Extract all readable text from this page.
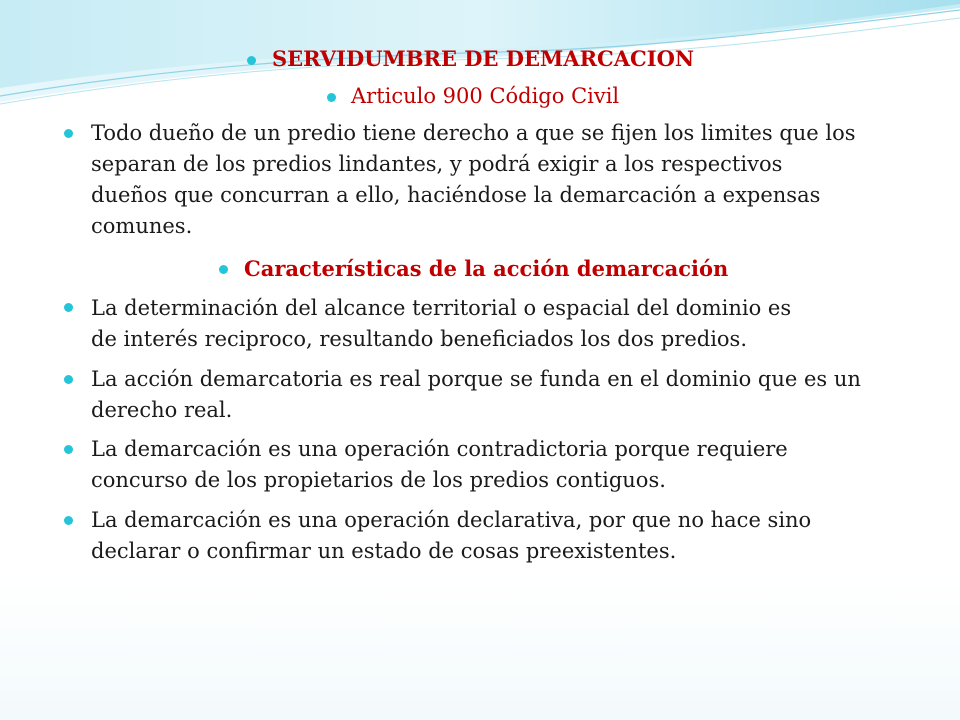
SERVIDUMBRE DE DEMARCACION
Articulo 900 Código Civil
Todo dueño de un predio tiene derecho a que se fijen los limites que los
separan de los predios lindantes, y podrá exigir a los respectivos
dueños que concurran a ello, haciéndose la demarcación a expensas
comunes.
Características de la acción demarcación
La determinación del alcance territorial o espacial del dominio es
de interés reciproco, resultando beneficiados los dos predios.
La acción demarcatoria es real porque se funda en el dominio que es un
derecho real.
La demarcación es una operación contradictoria porque requiere
concurso de los propietarios de los predios contiguos.
La demarcación es una operación declarativa, por que no hace sino
declarar o confirmar un estado de cosas preexistentes.
